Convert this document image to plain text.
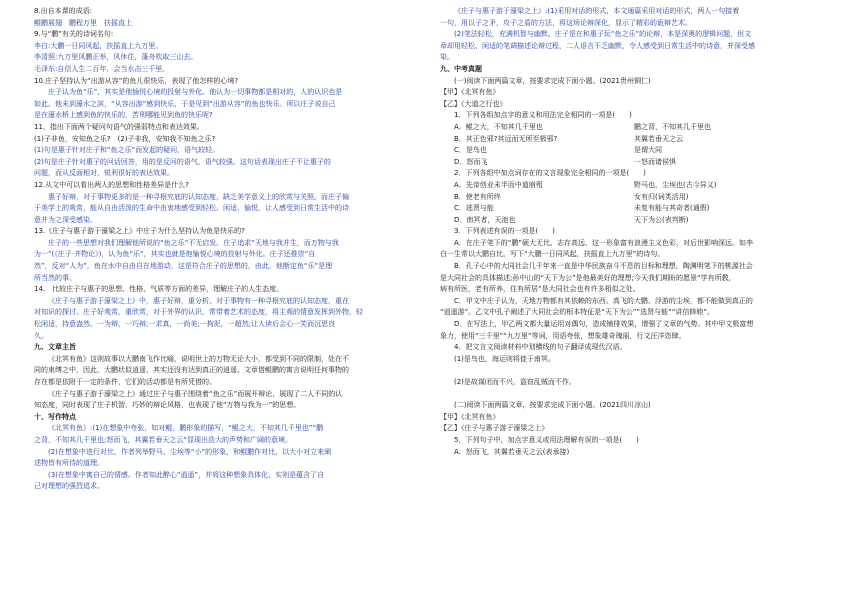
8.出自本课的成语:
鲲鹏展翅　鹏程万里　扶摇直上
9.与“鹏”有关的诗词名句:
李白:大鹏一日同风起，扶摇直上九万里。
李清照:九万里风鹏正举，风休住，蓬舟吹取三山去。
毛泽东:自信人生二百年，会当水击三千里。
10.庄子坚持认为“出游从容”的鱼儿很快乐，表现了他怎样的心境?
庄子认为鱼“乐”，其实是他愉悦心境的投射与外化。他认为一切事物都是相对的，人的认识也是
如此。他未到濠水之滨，“从容出游”感到快乐，于是见到“出游从容”的鱼也快乐。所以庄子说自己
是在濠水桥上感到鱼的快乐的，苦刑哪能见到鱼的快乐呢?
11、指出下面两个疑问句语气的强弱特点和表达效果。
(1)子非鱼，安知鱼之乐?　(2)子非我，安知我不知鱼之乐?
(1)句是惠子针对庄子和“鱼之乐”而发起的疑问，语气较轻。
(2)句是庄子针对惠子的问话回答，用的是反问的语气，语气较强。这句话表现出庄子不让惠子的
问题，而从反面相对，锐利很好的表达效果。
12.从文中可以看出两人的思想和性格差异是什么?
惠子好辩，对于事物更多的是一种寻根究底的认知态度，缺乏美学意义上的欣赏与关照。而庄子偏
于美学上的观赏，能从自由活泼的生命中由衷地感受到轻松、闲适、愉悦，让人感受到日常生活中的诗
意并为之深受感染。
13.《庄子与惠子游于濠梁之上》中庄子为什么坚持认为鱼是快乐的?
庄子的一些思想对我们理解他所说的“鱼之乐”不无启发。庄子追求“天地与我并生，而万物与我
为一”(《庄子·齐物论》)，认为鱼“乐”，其实也就是他愉悦心境的投射与外化。庄子还推崇“自
然”，反对“人为”，鱼在水中自由自在地游动，这是符合庄子的思想的，由此，他断定鱼“乐”是理
所当然的事。
14.　比较庄子与惠子的思想、性格、气质等方面的差异，理解庄子的人生态度。
《庄子与惠子游于濠梁之上》中，惠子好辩，重分析。对于事物有一种寻根究底的认知态度，重在
对知识的探讨。庄子好观赏，重欣赏，对于外界的认识，常带着艺术的态度，将主观的情意发挥到外物，轻
松闲适，持意盎然。一为辩，一巧辩;一求真，一尚美;一拘泥，一超然;让人读后会心一笑而沉思良
久。
九、文章主旨
《北冥有鱼》这则故事以大鹏南飞作比喻，说明世上的万物无论大小，都受到不同的限制，处在不
同的束缚之中，因此，大鹏状似逍遥，其实还没有达到真正的逍遥。文章借鲲鹏的寓言说明任何事物的
存在都是依附于一定的条件，它们的活动都是有所凭借的。
《庄子与惠子游于濠梁之上》通过庄子与惠子围绕着“鱼之乐”而展开辩论，展现了二人不同的认
知态度，同时表现了庄子机智，巧妙的辩论风格，也表现了他“万物与我为一”的思想。
十、写作特点
《北冥有鱼》:(1)在想象中夸张，如对鲲、鹏形象的描写，“鲲之大，不知其几千里也”“鹏
之背，不知其几千里也;怒而飞，其翼若垂天之云”显现出浩大的声势和广阔的意境。
(2)在想象中进行对比，作者列举野马、尘埃等“小”的形象，和鲲鹏作对比，以大小对立来阐
述物皆有所待的道理。
(3)在想象中寓自己的情感。作者知此醉心“逍遥”，并将这种想象具体化，实则是蕴含了自
己对理想的强烈追求。
《庄子与惠子游于濠梁之上》:(1)采用对话的形式，本文通篇采用对话的形式，两人一句接着
一句，用以子之矛，攻子之盾的方法，将这场论辩深化，显示了精彩的诡辩艺术。
(2)笔法轻松，充满机智与幽默。庄子是在和惠子玩“鱼之乐”的论辩，本是深奥的逻辑问题，但文
章却用轻松、闲适的笔调描述论辩过程，二人语言不乏幽默，令人感受到日常生活中的诗意，并深受感
染。
九、中考真题
(一)阅读下面两篇文章，按要求完成下面小题。(2021贵州铜仁)
【甲】《北冥有鱼》
【乙】《大道之行也》
1．下列各组加点字的意义和用法完全相同的一项是(　　)
A．鲲之大，不知其几千里也	鹏之背，不知其几千里也
B．其正色邪?其远而无所至极邪?	其翼若垂天之云
C．是鸟也	是谓大同
D．怒而飞	一怒而诸侯惧
2．下列各组中加点词存在的文言现象完全相同的一项是(　　)
A．先帝创业未半而中道崩殂	野马也，尘埃也(古今异义)
B．使老有所终	女有归(词类活用)
C．选贤与能	未复有能与其奇者(通假)
D．南冥者，天池也	天下为公(表判断)
3．下列表述有误的一项是(　　)
A．在庄子笔下的“鹏”硕大无比、志存高远，这一形象富有浪漫主义色彩，对后世影响深远。如李
白一生常以大鹏自比，写下“大鹏一日同风起，扶摇直上九万里”的诗句。
B．孔子心中的大同社会几千年来一直是中华民族奋斗不息的目标和理想，陶渊明笔下的桃源社会
是大同社会的具体描述;孙中山的“天下为公”是他最美好的理想;今天我们期盼的愿景“学有所教，
病有所医，老有所养，住有所居”是大同社会也有许多相似之处。
C．甲文中庄子认为，天地万物都有其依赖的东西。高飞的大鹏、浮游的尘埃，都不能做到真正的
“逍遥游”。乙文中孔子阐述了大同社会的根本特征是“天下为公”“选贤与能”“讲信修睦”。
D．在写法上，甲乙两文都大量运用对偶句，造成铺排效果，增强了文章的气势。其中甲文极富想
象力，使用“三千里”“九万里”等词，用语夸张，想象雄奇瑰丽，行文汪洋恣肆。
4．把文言文阅读材料中划横线的句子翻译成现代汉语。
(1)是鸟也，海运则将徙于南冥。

(2)是故谋闭而不兴，盗窃乱贼而不作。

(二)阅读下面两篇文章，按要求完成下面小题。(2021四川凉山)
【甲】《北冥有鱼》
【乙】《庄子与惠子游于濠梁之上》
5．下列句子中，加点字意义或用法理解有误的一项是(　　)
A．怒而飞，其翼若垂天之云(表承接)
